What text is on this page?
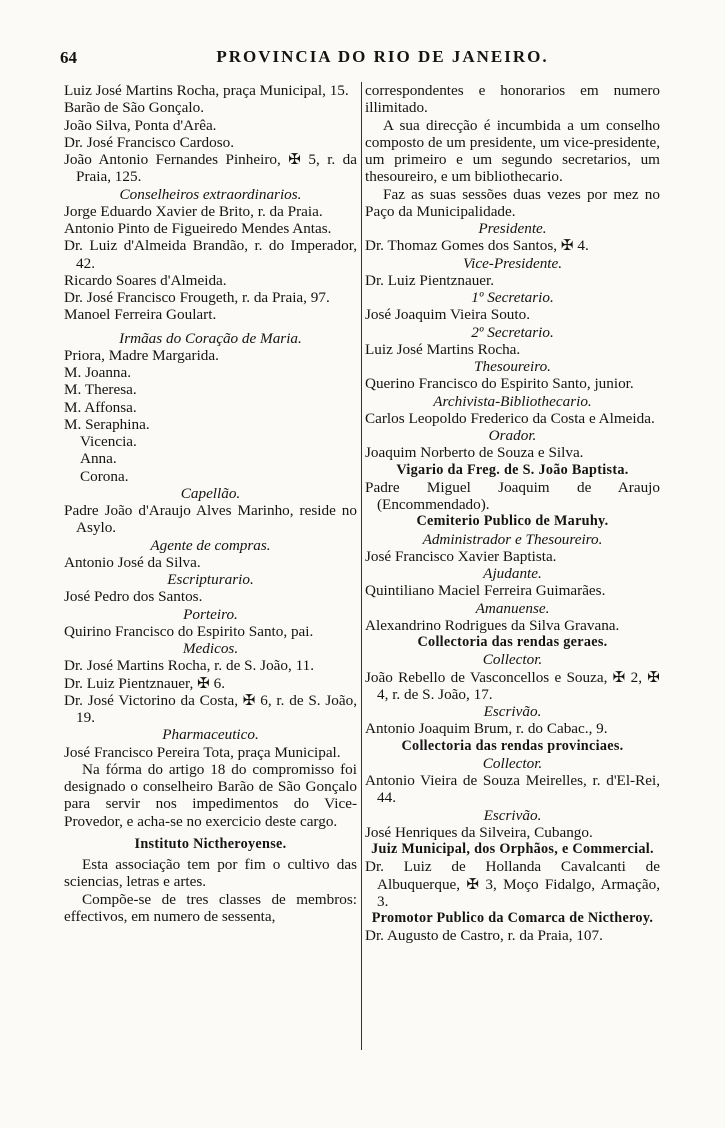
64	PROVINCIA DO RIO DE JANEIRO.
Luiz José Martins Rocha, praça Municipal, 15.
Barão de São Gonçalo.
João Silva, Ponta d'Arêa.
Dr. José Francisco Cardoso.
João Antonio Fernandes Pinheiro, ✠ 5, r. da Praia, 125.
Conselheiros extraordinarios.
Jorge Eduardo Xavier de Brito, r. da Praia.
Antonio Pinto de Figueiredo Mendes Antas.
Dr. Luiz d'Almeida Brandão, r. do Imperador, 42.
Ricardo Soares d'Almeida.
Dr. José Francisco Frougeth, r. da Praia, 97.
Manoel Ferreira Goulart.
Irmãas do Coração de Maria.
Priora, Madre Margarida.
M. Joanna.
M. Theresa.
M. Affonsa.
M. Seraphina.
Vicencia.
Anna.
Corona.
Capellão.
Padre João d'Araujo Alves Marinho, reside no Asylo.
Agente de compras.
Antonio José da Silva.
Escripturario.
José Pedro dos Santos.
Porteiro.
Quirino Francisco do Espirito Santo, pai.
Medicos.
Dr. José Martins Rocha, r. de S. João, 11.
Dr. Luiz Pientznauer, ✠ 6.
Dr. José Victorino da Costa, ✠ 6, r. de S. João, 19.
Pharmaceutico.
José Francisco Pereira Tota, praça Municipal.
Na fórma do artigo 18 do compromisso foi designado o conselheiro Barão de São Gonçalo para servir nos impedimentos do Vice-Provedor, e acha-se no exercicio deste cargo.
Instituto Nictheroyense.
Esta associação tem por fim o cultivo das sciencias, letras e artes.
Compõe-se de tres classes de membros: effectivos, em numero de sessenta,
correspondentes e honorarios em numero illimitado.
A sua direcção é incumbida a um conselho composto de um presidente, um vice-presidente, um primeiro e um segundo secretarios, um thesoureiro, e um bibliothecario.
Faz as suas sessões duas vezes por mez no Paço da Municipalidade.
Presidente.
Dr. Thomaz Gomes dos Santos, ✠ 4.
Vice-Presidente.
Dr. Luiz Pientznauer.
1º Secretario.
José Joaquim Vieira Souto.
2º Secretario.
Luiz José Martins Rocha.
Thesoureiro.
Querino Francisco do Espirito Santo, junior.
Archivista-Bibliothecario.
Carlos Leopoldo Frederico da Costa e Almeida.
Orador.
Joaquim Norberto de Souza e Silva.
Vigario da Freg. de S. João Baptista.
Padre Miguel Joaquim de Araujo (Encommendado).
Cemiterio Publico de Maruhy.
Administrador e Thesoureiro.
José Francisco Xavier Baptista.
Ajudante.
Quintiliano Maciel Ferreira Guimarães.
Amanuense.
Alexandrino Rodrigues da Silva Gravana.
Collectoria das rendas geraes.
Collector.
João Rebello de Vasconcellos e Souza, ✠ 2, ✠ 4, r. de S. João, 17.
Escrivão.
Antonio Joaquim Brum, r. do Cabac., 9.
Collectoria das rendas provinciaes.
Collector.
Antonio Vieira de Souza Meirelles, r. d'El-Rei, 44.
Escrivão.
José Henriques da Silveira, Cubango.
Juiz Municipal, dos Orphãos, e Commercial.
Dr. Luiz de Hollanda Cavalcanti de Albuquerque, ✠ 3, Moço Fidalgo, Armação, 3.
Promotor Publico da Comarca de Nictheroy.
Dr. Augusto de Castro, r. da Praia, 107.
